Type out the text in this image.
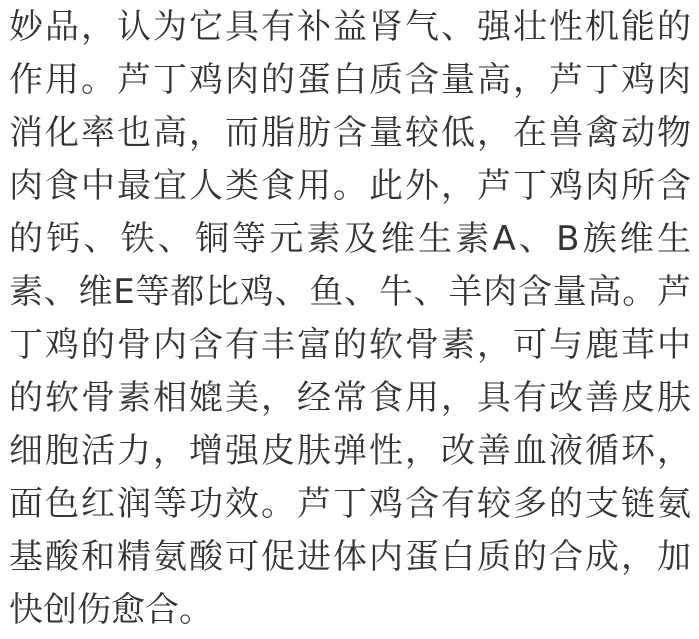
妙品，认为它具有补益肾气、强壮性机能的
作用。芦丁鸡肉的蛋白质含量高，芦丁鸡肉
消化率也高，而脂肪含量较低，在兽禽动物
肉食中最宜人类食用。此外，芦丁鸡肉所含
的钙、铁、铜等元素及维生素A、B族维生
素、维E等都比鸡、鱼、牛、羊肉含量高。芦
丁鸡的骨内含有丰富的软骨素，可与鹿茸中
的软骨素相媲美，经常食用，具有改善皮肤
细胞活力，增强皮肤弹性，改善血液循环，
面色红润等功效。芦丁鸡含有较多的支链氨
基酸和精氨酸可促进体内蛋白质的合成，加
快创伤愈合。
